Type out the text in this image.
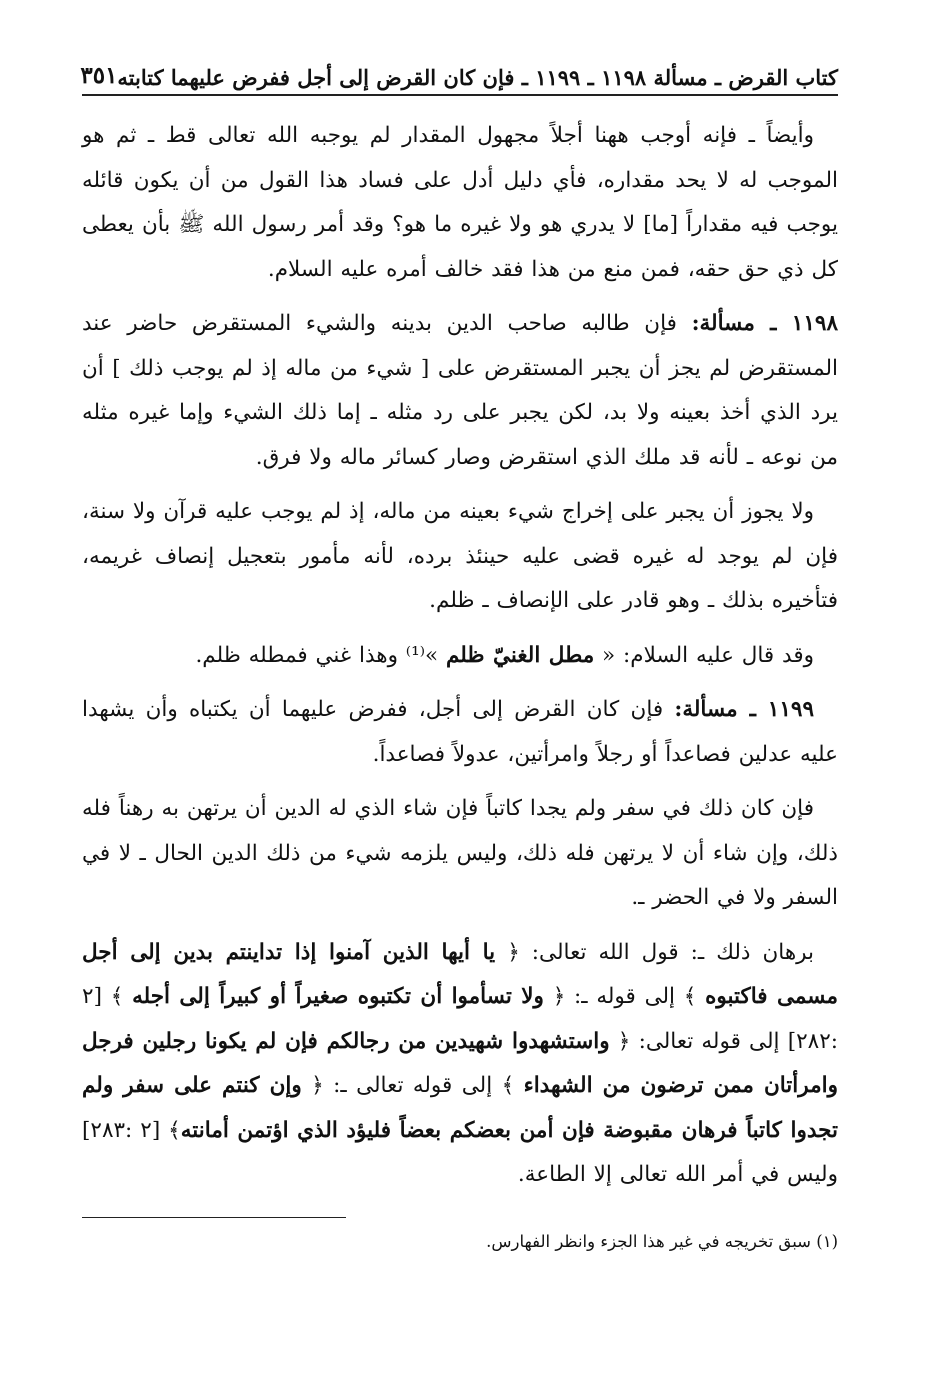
كتاب القرض ـ مسألة ١١٩٨ ـ ١١٩٩ ـ فإن كان القرض إلى أجل ففرض عليهما كتابته
٣٥١

وأيضاً ـ فإنه أوجب ههنا أجلاً مجهول المقدار لم يوجبه الله تعالى قط ـ ثم هو الموجب له لا يحد مقداره، فأي دليل أدل على فساد هذا القول من أن يكون قائله يوجب فيه مقداراً [ما] لا يدري هو ولا غيره ما هو؟ وقد أمر رسول الله ﷺ بأن يعطى كل ذي حق حقه، فمن منع من هذا فقد خالف أمره عليه السلام.

١١٩٨ ـ مسألة: فإن طالبه صاحب الدين بدينه والشيء المستقرض حاضر عند المستقرض لم يجز أن يجبر المستقرض على [ شيء من ماله إذ لم يوجب ذلك ] أن يرد الذي أخذ بعينه ولا بد، لكن يجبر على رد مثله ـ إما ذلك الشيء وإما غيره مثله من نوعه ـ لأنه قد ملك الذي استقرض وصار كسائر ماله ولا فرق.

ولا يجوز أن يجبر على إخراج شيء بعينه من ماله، إذ لم يوجب عليه قرآن ولا سنة، فإن لم يوجد له غيره قضى عليه حينئذ برده، لأنه مأمور بتعجيل إنصاف غريمه، فتأخيره بذلك ـ وهو قادر على الإنصاف ـ ظلم.

وقد قال عليه السلام: « مطل الغنيّ ظلم »⁽¹⁾ وهذا غني فمطله ظلم.

١١٩٩ ـ مسألة: فإن كان القرض إلى أجل، ففرض عليهما أن يكتباه وأن يشهدا عليه عدلين فصاعداً أو رجلاً وامرأتين، عدولاً فصاعداً.

فإن كان ذلك في سفر ولم يجدا كاتباً فإن شاء الذي له الدين أن يرتهن به رهناً فله ذلك، وإن شاء أن لا يرتهن فله ذلك، وليس يلزمه شيء من ذلك الدين الحال ـ لا في السفر ولا في الحضر ـ.

برهان ذلك ـ: قول الله تعالى: ﴿ يا أيها الذين آمنوا إذا تداينتم بدين إلى أجل مسمى فاكتبوه ﴾ إلى قوله ـ: ﴿ ولا تسأموا أن تكتبوه صغيراً أو كبيراً إلى أجله ﴾ [٢ :٢٨٢] إلى قوله تعالى: ﴿ واستشهدوا شهيدين من رجالكم فإن لم يكونا رجلين فرجل وامرأتان ممن ترضون من الشهداء ﴾ إلى قوله تعالى ـ: ﴿ وإن كنتم على سفر ولم تجدوا كاتباً فرهان مقبوضة فإن أمن بعضكم بعضاً فليؤد الذي اؤتمن أمانته﴾ [٢ :٢٨٣] وليس في أمر الله تعالى إلا الطاعة.

(١) سبق تخريجه في غير هذا الجزء وانظر الفهارس.
